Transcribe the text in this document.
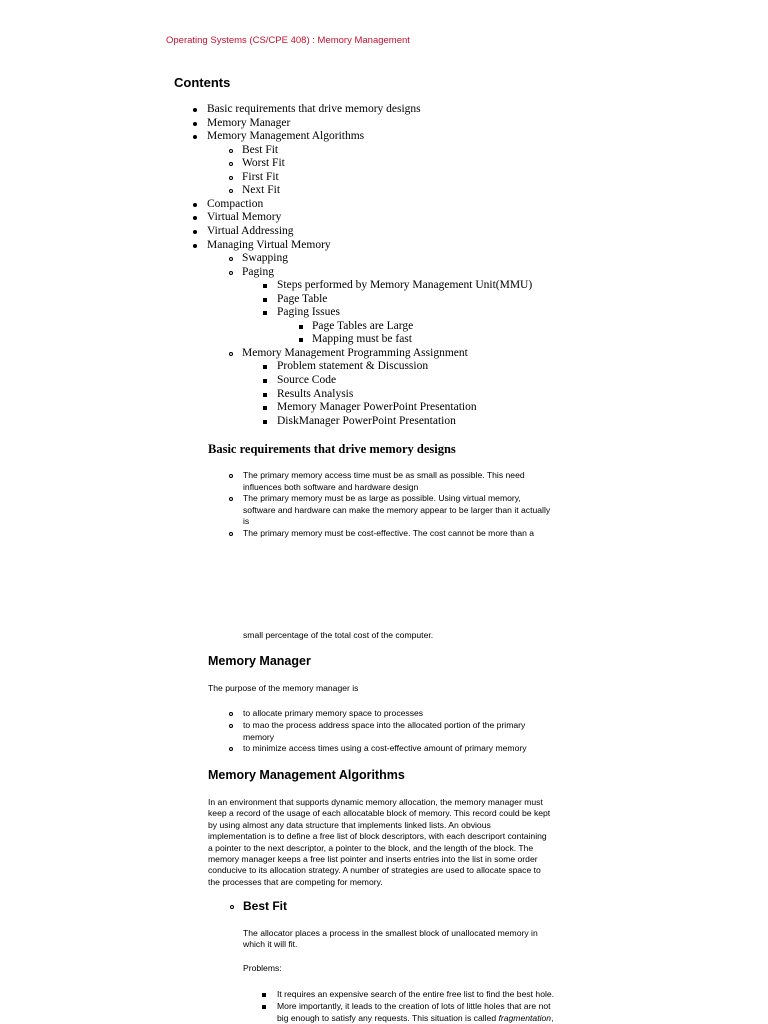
Operating Systems (CS/CPE 408) : Memory Management
Contents
Basic requirements that drive memory designs
Memory Manager
Memory Management Algorithms
Best Fit
Worst Fit
First Fit
Next Fit
Compaction
Virtual Memory
Virtual Addressing
Managing Virtual Memory
Swapping
Paging
Steps performed by Memory Management Unit(MMU)
Page Table
Paging Issues
Page Tables are Large
Mapping must be fast
Memory Management Programming Assignment
Problem statement & Discussion
Source Code
Results Analysis
Memory Manager PowerPoint Presentation
DiskManager PowerPoint Presentation
Basic requirements that drive memory designs
The primary memory access time must be as small as possible. This need
influences both software and hardware design
The primary memory must be as large as possible. Using virtual memory,
software and hardware can make the memory appear to be larger than it actually
is
The primary memory must be cost-effective. The cost cannot be more than a
small percentage of the total cost of the computer.
Memory Manager
The purpose of the memory manager is
to allocate primary memory space to processes
to mao the process address space into the allocated portion of the primary
memory
to minimize access times using a cost-effective amount of primary memory
Memory Management Algorithms
In an environment that supports dynamic memory allocation, the memory manager must
keep a record of the usage of each allocatable block of memory. This record could be kept
by using almost any data structure that implements linked lists. An obvious
implementation is to define a free list of block descriptors, with each descriport containing
a pointer to the next descriptor, a pointer to the block, and the length of the block. The
memory manager keeps a free list pointer and inserts entries into the list in some order
conducive to its allocation strategy. A number of strategies are used to allocate space to
the processes that are competing for memory.
Best Fit
The allocator places a process in the smallest block of unallocated memory in
which it will fit.
Problems:
It requires an expensive search of the entire free list to find the best hole.
More importantly, it leads to the creation of lots of little holes that are not
big enough to satisfy any requests. This situation is called fragmentation,
